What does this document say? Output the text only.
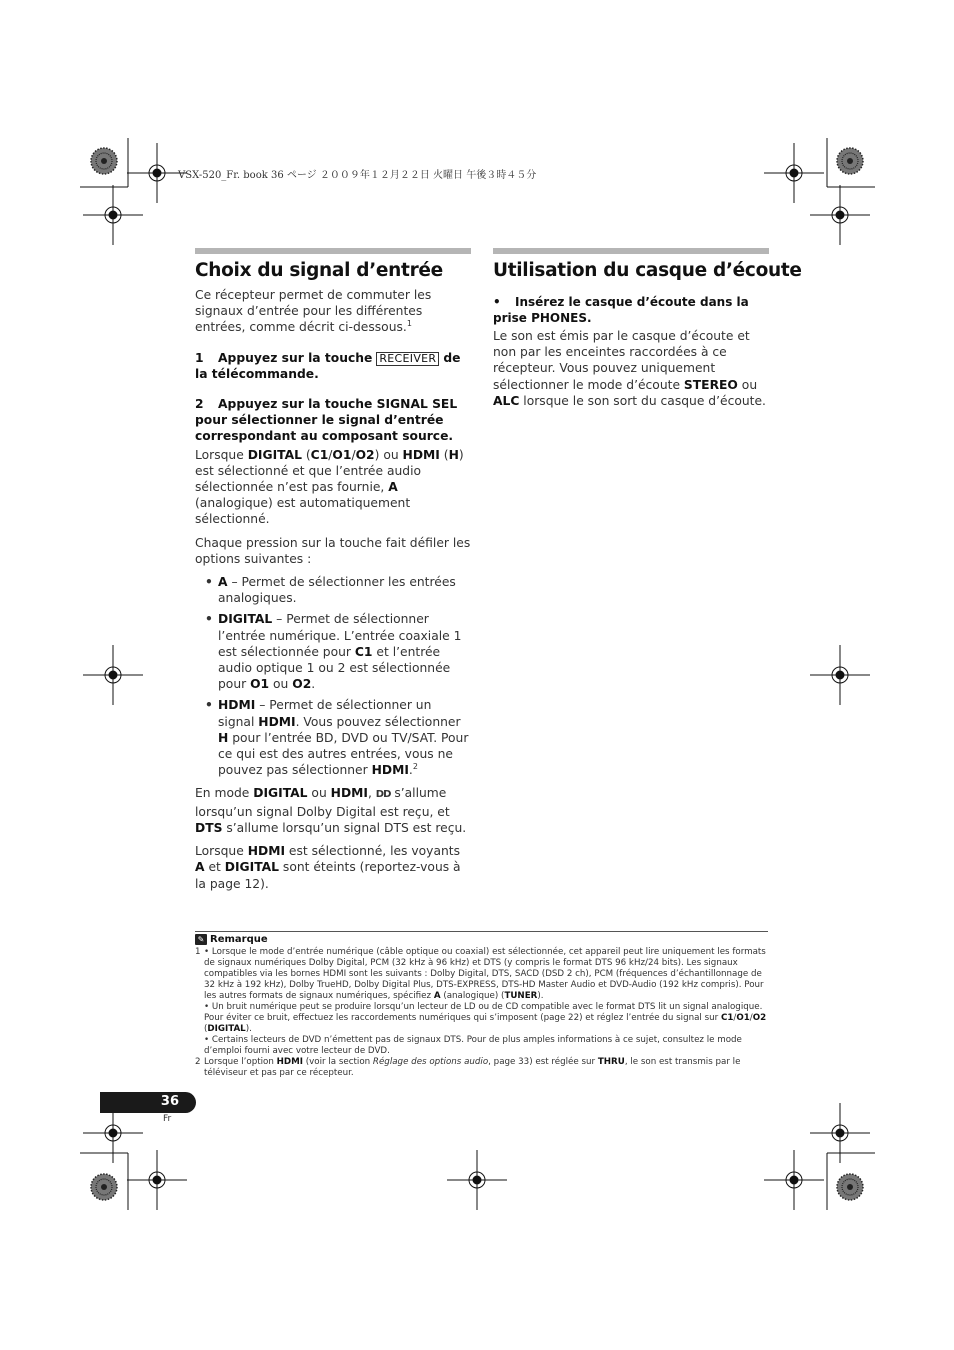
VSX-520_Fr. book 36 ページ ２００９年１２月２２日 火曜日 午後３時４５分
Choix du signal d’entrée

Ce récepteur permet de commuter les signaux d’entrée pour les différentes entrées, comme décrit ci-dessous.$^1$

1 Appuyez sur la touche RECEIVER de la télécommande.
2 Appuyez sur la touche SIGNAL SEL pour sélectionner le signal d’entrée correspondant au composant source.

Lorsque DIGITAL (C1/O1/O2) ou HDMI (H) est sélectionné et que l’entrée audio sélectionnée n’est pas fournie, A (analogique) est automatiquement sélectionné.

Chaque pression sur la touche fait défiler les options suivantes :

• A – Permet de sélectionner les entrées analogiques.
• DIGITAL – Permet de sélectionner l’entrée numérique. L’entrée coaxiale 1 est sélectionnée pour C1 et l’entrée audio optique 1 ou 2 est sélectionnée pour O1 ou O2.
• HDMI – Permet de sélectionner un signal HDMI. Vous pouvez sélectionner H pour l’entrée BD, DVD ou TV/SAT. Pour ce qui est des autres entrées, vous ne pouvez pas sélectionner HDMI.$^2$

En mode DIGITAL ou HDMI, DD s’allume lorsqu’un signal Dolby Digital est reçu, et DTS s’allume lorsqu’un signal DTS est reçu.

Lorsque HDMI est sélectionné, les voyants A et DIGITAL sont éteints (reportez-vous à la page 12).

Utilisation du casque d’écoute
• Insérez le casque d’écoute dans la prise PHONES.

Le son est émis par le casque d’écoute et non par les enceintes raccordées à ce récepteur. Vous pouvez uniquement sélectionner le mode d’écoute STEREO ou ALC lorsque le son sort du casque d’écoute.

✎ Remarque
1 • Lorsque le mode d’entrée numérique (câble optique ou coaxial) est sélectionnée, cet appareil peut lire uniquement les formats de signaux numériques Dolby Digital, PCM (32 kHz à 96 kHz) et DTS (y compris le format DTS 96 kHz/24 bits). Les signaux compatibles via les bornes HDMI sont les suivants : Dolby Digital, DTS, SACD (DSD 2 ch), PCM (fréquences d’échantillonnage de 32 kHz à 192 kHz), Dolby TrueHD, Dolby Digital Plus, DTS-EXPRESS, DTS-HD Master Audio et DVD-Audio (192 kHz compris). Pour les autres formats de signaux numériques, spécifiez A (analogique) (TUNER).
• Un bruit numérique peut se produire lorsqu’un lecteur de LD ou de CD compatible avec le format DTS lit un signal analogique. Pour éviter ce bruit, effectuez les raccordements numériques qui s’imposent (page 22) et réglez l’entrée du signal sur C1/O1/O2 (DIGITAL).
• Certains lecteurs de DVD n’émettent pas de signaux DTS. Pour de plus amples informations à ce sujet, consultez le mode d’emploi fourni avec votre lecteur de DVD.
2 Lorsque l’option HDMI (voir la section Réglage des options audio, page 33) est réglée sur THRU, le son est transmis par le téléviseur et pas par ce récepteur.
36
Fr
